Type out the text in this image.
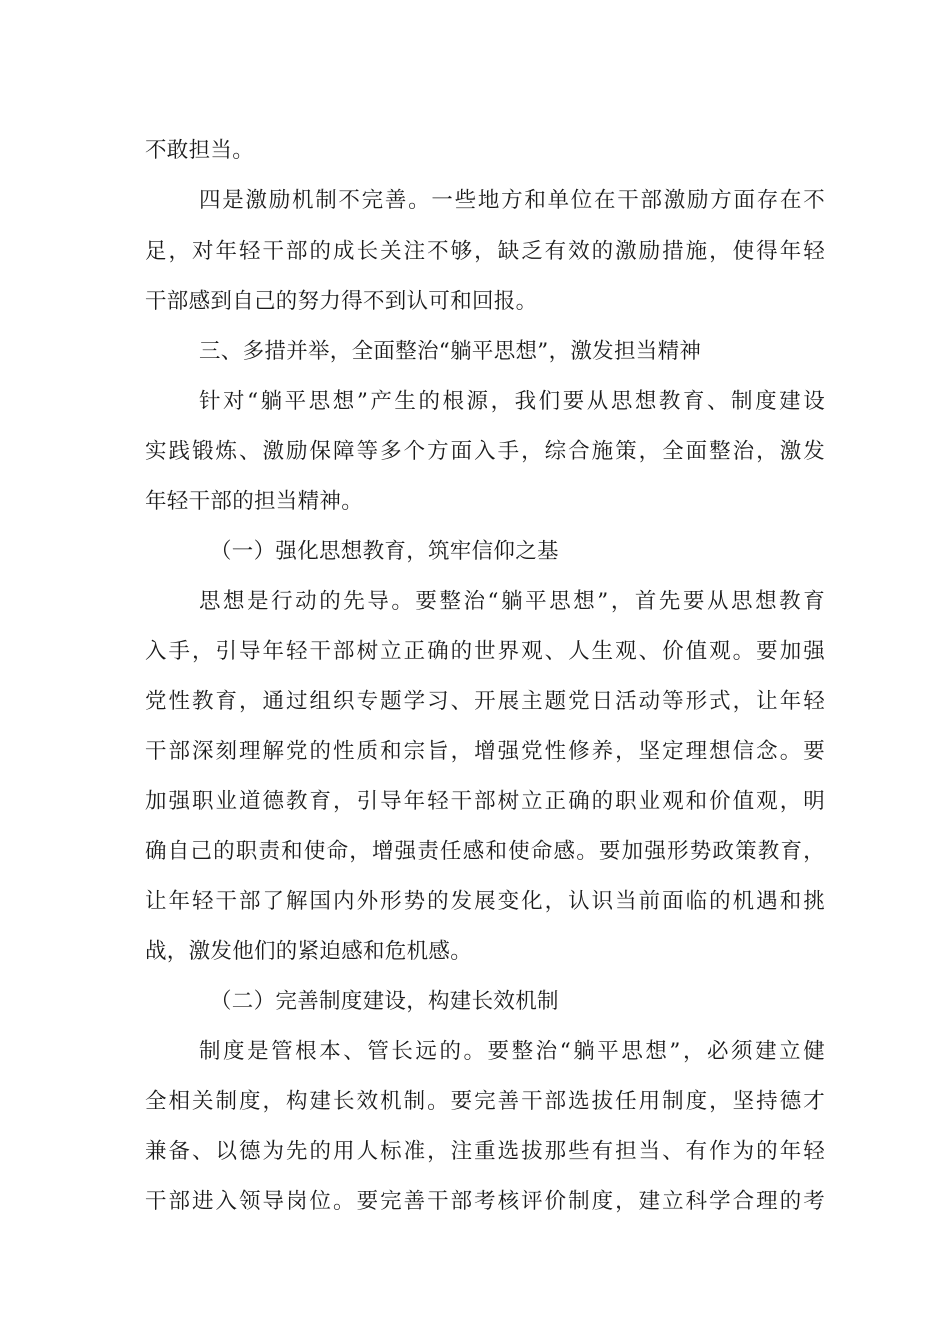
不敢担当。
四是激励机制不完善。一些地方和单位在干部激励方面存在不
足，对年轻干部的成长关注不够，缺乏有效的激励措施，使得年轻
干部感到自己的努力得不到认可和回报。
三、多措并举，全面整治“躺平思想”，激发担当精神
针对“躺平思想”产生的根源，我们要从思想教育、制度建设
实践锻炼、激励保障等多个方面入手，综合施策，全面整治，激发
年轻干部的担当精神。
（一）强化思想教育，筑牢信仰之基
思想是行动的先导。要整治“躺平思想”，首先要从思想教育
入手，引导年轻干部树立正确的世界观、人生观、价值观。要加强
党性教育，通过组织专题学习、开展主题党日活动等形式，让年轻
干部深刻理解党的性质和宗旨，增强党性修养，坚定理想信念。要
加强职业道德教育，引导年轻干部树立正确的职业观和价值观，明
确自己的职责和使命，增强责任感和使命感。要加强形势政策教育，
让年轻干部了解国内外形势的发展变化，认识当前面临的机遇和挑
战，激发他们的紧迫感和危机感。
（二）完善制度建设，构建长效机制
制度是管根本、管长远的。要整治“躺平思想”，必须建立健
全相关制度，构建长效机制。要完善干部选拔任用制度，坚持德才
兼备、以德为先的用人标准，注重选拔那些有担当、有作为的年轻
干部进入领导岗位。要完善干部考核评价制度，建立科学合理的考
